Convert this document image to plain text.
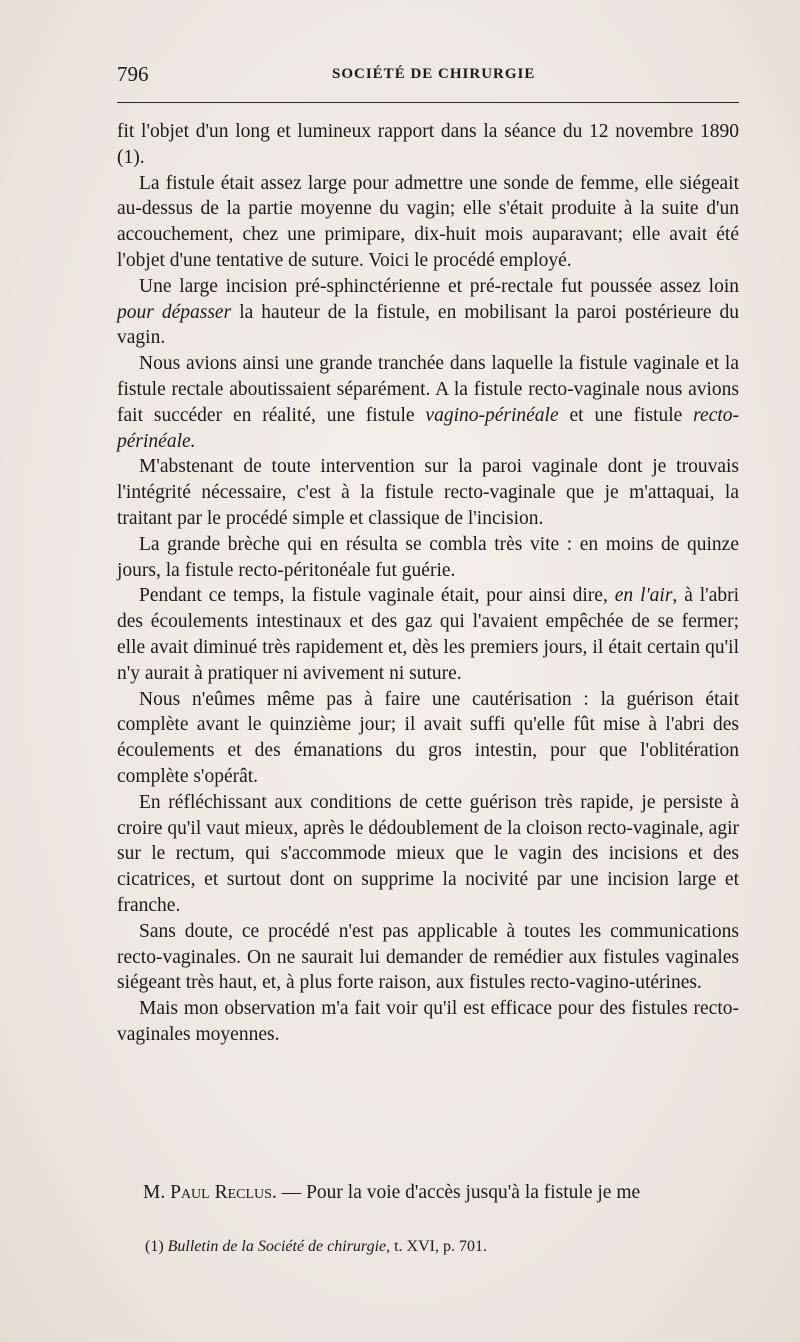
796	SOCIÉTÉ DE CHIRURGIE

fit l'objet d'un long et lumineux rapport dans la séance du 12 novembre 1890 (1).

La fistule était assez large pour admettre une sonde de femme, elle siégeait au-dessus de la partie moyenne du vagin; elle s'était produite à la suite d'un accouchement, chez une primipare, dix-huit mois auparavant; elle avait été l'objet d'une tentative de suture. Voici le procédé employé.

Une large incision pré-sphinctérienne et pré-rectale fut poussée assez loin pour dépasser la hauteur de la fistule, en mobilisant la paroi postérieure du vagin.

Nous avions ainsi une grande tranchée dans laquelle la fistule vaginale et la fistule rectale aboutissaient séparément. A la fistule recto-vaginale nous avions fait succéder en réalité, une fistule vagino-périnéale et une fistule recto-périnéale.

M'abstenant de toute intervention sur la paroi vaginale dont je trouvais l'intégrité nécessaire, c'est à la fistule recto-vaginale que je m'attaquai, la traitant par le procédé simple et classique de l'incision.

La grande brèche qui en résulta se combla très vite : en moins de quinze jours, la fistule recto-péritonéale fut guérie.

Pendant ce temps, la fistule vaginale était, pour ainsi dire, en l'air, à l'abri des écoulements intestinaux et des gaz qui l'avaient empêchée de se fermer; elle avait diminué très rapidement et, dès les premiers jours, il était certain qu'il n'y aurait à pratiquer ni avivement ni suture.

Nous n'eûmes même pas à faire une cautérisation : la guérison était complète avant le quinzième jour; il avait suffi qu'elle fût mise à l'abri des écoulements et des émanations du gros intestin, pour que l'oblitération complète s'opérât.

En réfléchissant aux conditions de cette guérison très rapide, je persiste à croire qu'il vaut mieux, après le dédoublement de la cloison recto-vaginale, agir sur le rectum, qui s'accommode mieux que le vagin des incisions et des cicatrices, et surtout dont on supprime la nocivité par une incision large et franche.

Sans doute, ce procédé n'est pas applicable à toutes les communications recto-vaginales. On ne saurait lui demander de remédier aux fistules vaginales siégeant très haut, et, à plus forte raison, aux fistules recto-vagino-utérines.

Mais mon observation m'a fait voir qu'il est efficace pour des fistules recto-vaginales moyennes.

M. Paul Reclus. — Pour la voie d'accès jusqu'à la fistule je me
(1) Bulletin de la Société de chirurgie, t. XVI, p. 701.
